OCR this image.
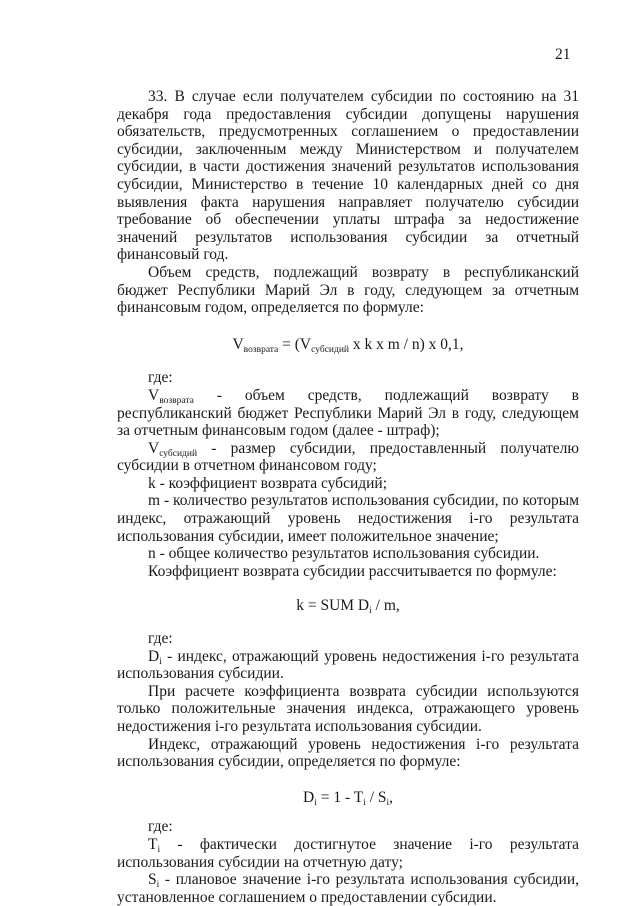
21

33. В случае если получателем субсидии по состоянию на 31 декабря года предоставления субсидии допущены нарушения обязательств, предусмотренных соглашением о предоставлении субсидии, заключенным между Министерством и получателем субсидии, в части достижения значений результатов использования субсидии, Министерство в течение 10 календарных дней со дня выявления факта нарушения направляет получателю субсидии требование об обеспечении уплаты штрафа за недостижение значений результатов использования субсидии за отчетный финансовый год.

Объем средств, подлежащий возврату в республиканский бюджет Республики Марий Эл в году, следующем за отчетным финансовым годом, определяется по формуле:

$V_{возврата} = (V_{субсидий}$ x k x m / n) x 0,1,

где:

$V_{возврата}$ - объем средств, подлежащий возврату в республиканский бюджет Республики Марий Эл в году, следующем за отчетным финансовым годом (далее - штраф);

$V_{субсидий}$ - размер субсидии, предоставленный получателю субсидии в отчетном финансовом году;

k - коэффициент возврата субсидий;

m - количество результатов использования субсидии, по которым индекс, отражающий уровень недостижения i-го результата использования субсидии, имеет положительное значение;

n - общее количество результатов использования субсидии.

Коэффициент возврата субсидии рассчитывается по формуле:

k = SUM $D_i$ / m,

где:

$D_i$ - индекс, отражающий уровень недостижения i-го результата использования субсидии.

При расчете коэффициента возврата субсидии используются только положительные значения индекса, отражающего уровень недостижения i-го результата использования субсидии.

Индекс, отражающий уровень недостижения i-го результата использования субсидии, определяется по формуле:

$D_i = 1 - T_i / S_i$,

где:

$T_i$ - фактически достигнутое значение i-го результата использования субсидии на отчетную дату;

$S_i$ - плановое значение i-го результата использования субсидии, установленное соглашением о предоставлении субсидии.
